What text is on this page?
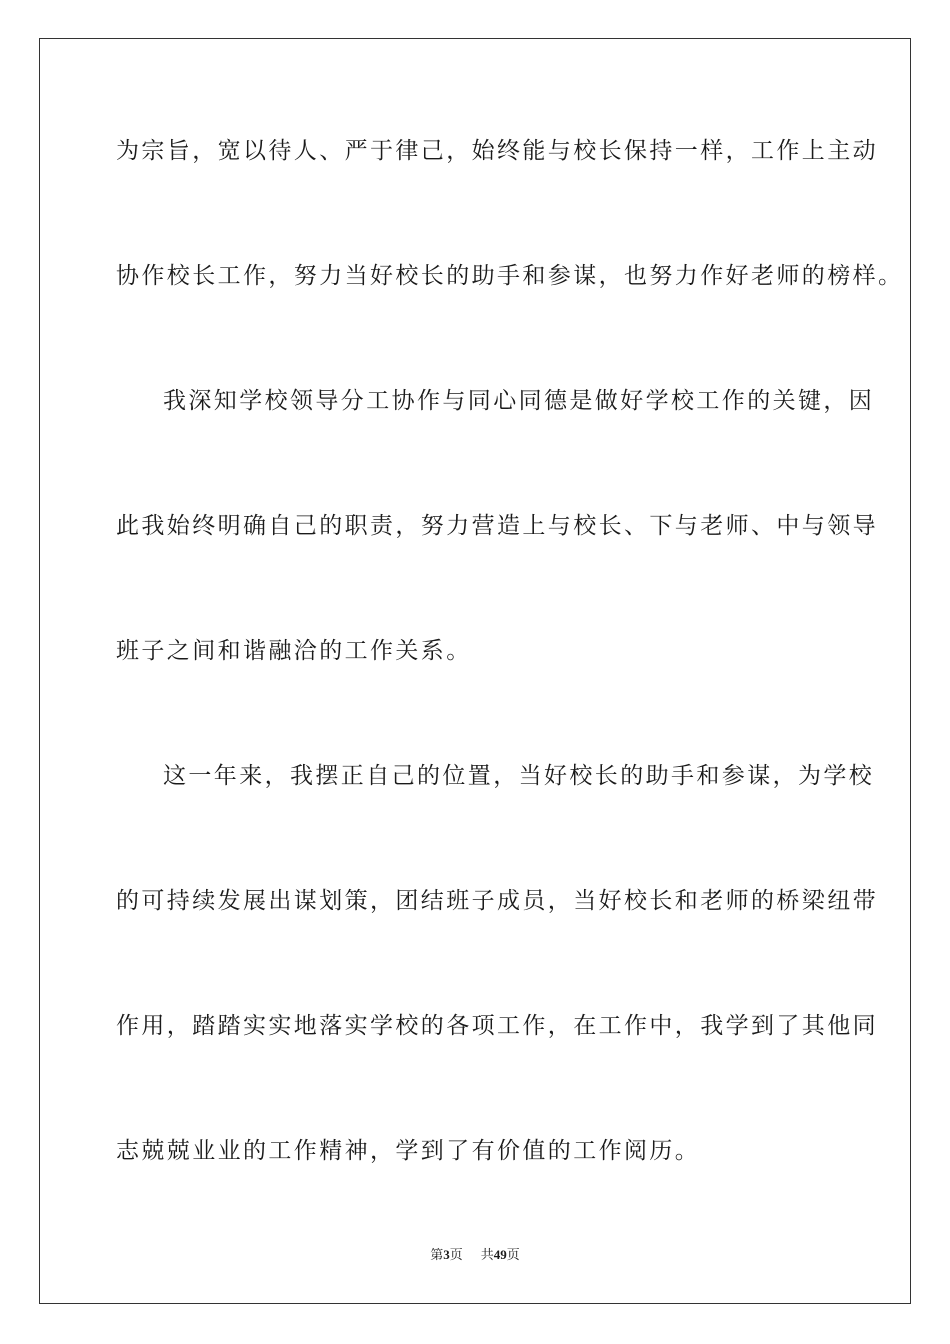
为宗旨，宽以待人、严于律己，始终能与校长保持一样，工作上主动
协作校长工作，努力当好校长的助手和参谋，也努力作好老师的榜样。
我深知学校领导分工协作与同心同德是做好学校工作的关键，因
此我始终明确自己的职责，努力营造上与校长、下与老师、中与领导
班子之间和谐融洽的工作关系。
这一年来，我摆正自己的位置，当好校长的助手和参谋，为学校
的可持续发展出谋划策，团结班子成员，当好校长和老师的桥梁纽带
作用，踏踏实实地落实学校的各项工作，在工作中，我学到了其他同
志兢兢业业的工作精神，学到了有价值的工作阅历。
第3页 共49页
